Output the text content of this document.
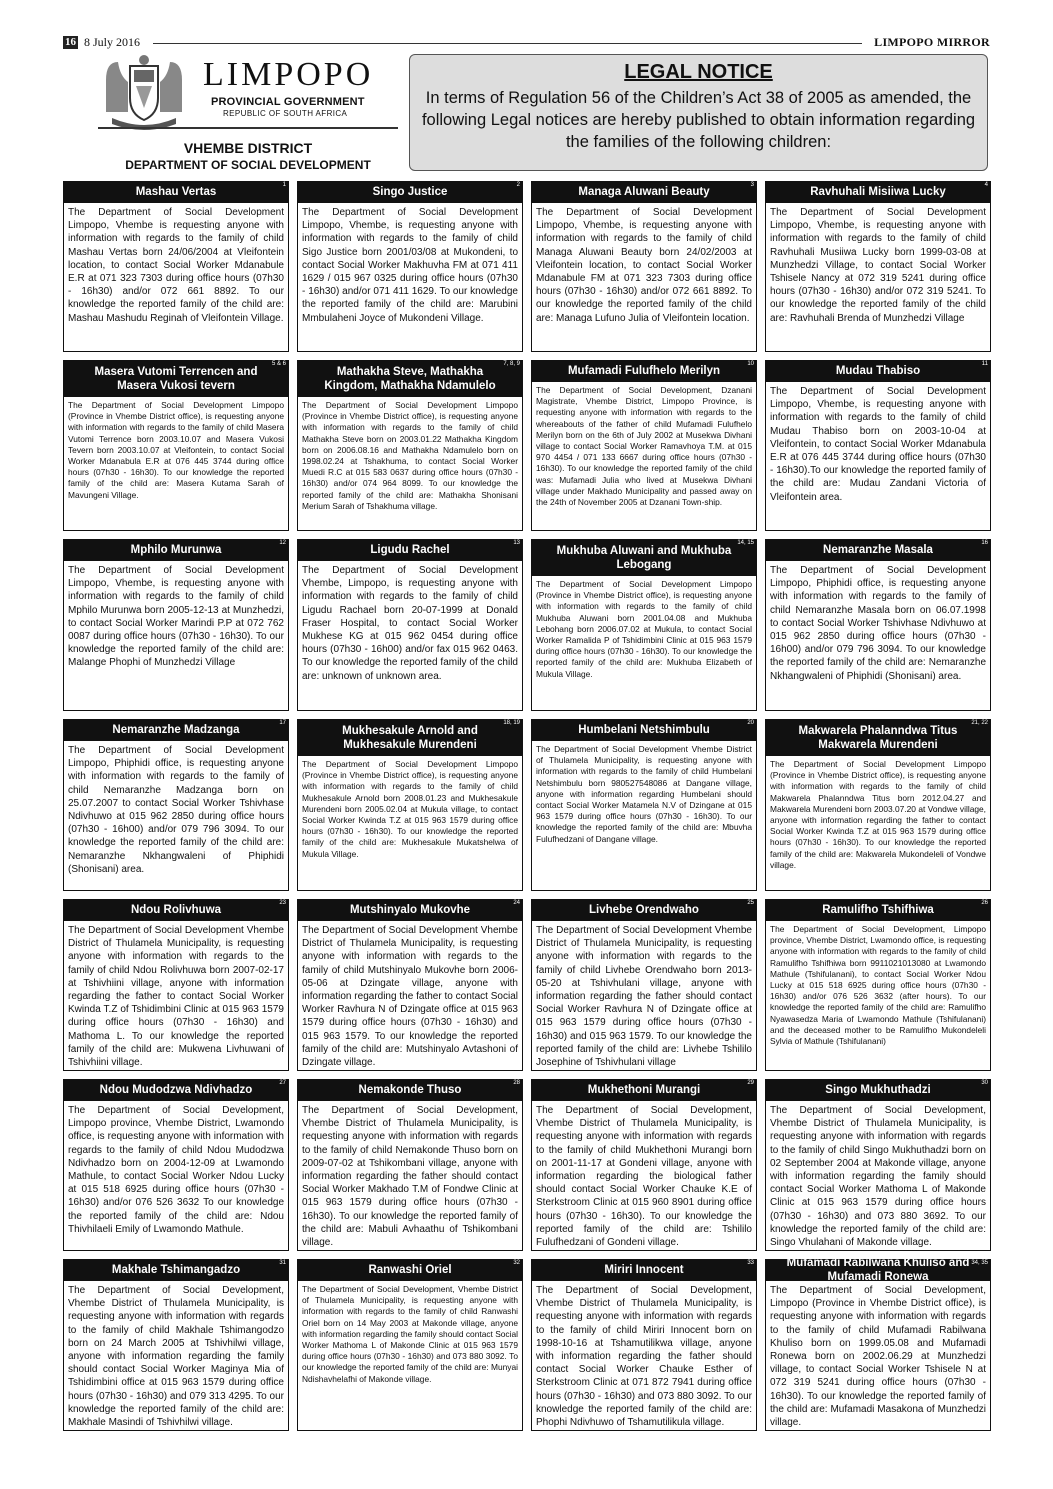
16 8 July 2016	LIMPOPO MIRROR
LIMPOPO
PROVINCIAL GOVERNMENT
REPUBLIC OF SOUTH AFRICA
VHEMBE DISTRICT
DEPARTMENT OF SOCIAL DEVELOPMENT
LEGAL NOTICE
In terms of Regulation 56 of the Children’s Act 38 of 2005 as amended, the following Legal notices are hereby published to obtain information regarding the families of the following children:
Mashau Vertas
1
The Department of Social Development Limpopo, Vhembe is requesting anyone with information with regards to the family of child Mashau Vertas born 24/06/2004 at Vleifontein location, to contact Social Worker Mdanabule E.R at 071 323 7303 during office hours (07h30 - 16h30) and/or 072 661 8892. To our knowledge the reported family of the child are: Mashau Mashudu Reginah of Vleifontein Village.
Singo Justice
2
The Department of Social Development Limpopo, Vhembe, is requesting anyone with information with regards to the family of child Sigo Justice born 2001/03/08 at Mukondeni, to contact Social Worker Makhuvha FM at 071 411 1629 / 015 967 0325 during office hours (07h30 - 16h30) and/or 071 411 1629. To our knowledge the reported family of the child are: Marubini Mmbulaheni Joyce of Mukondeni Village.
Managa Aluwani Beauty
3
The Department of Social Development Limpopo, Vhembe, is requesting anyone with information with regards to the family of child Managa Aluwani Beauty born 24/02/2003 at Vleifontein location, to contact Social Worker Mdanabule FM at 071 323 7303 during office hours (07h30 - 16h30) and/or 072 661 8892. To our knowledge the reported family of the child are: Managa Lufuno Julia of Vleifontein location.
Ravhuhali Misiiwa Lucky
4
The Department of Social Development Limpopo, Vhembe, is requesting anyone with information with regards to the family of child Ravhuhali Musiiwa Lucky born 1999-03-08 at Munzhedzi Village, to contact Social Worker Tshisele Nancy at 072 319 5241 during office hours (07h30 - 16h30) and/or 072 319 5241. To our knowledge the reported family of the child are: Ravhuhali Brenda of Munzhedzi Village
Masera Vutomi Terrencen and Masera Vukosi tevern
5 & 6
The Department of Social Development Limpopo (Province in Vhembe District office), is requesting anyone with information with regards to the family of child Masera Vutomi Terrence born 2003.10.07 and Masera Vukosi Tevern born 2003.10.07 at Vleifontein, to contact Social Worker Mdanabula E.R at 076 445 3744 during office hours (07h30 - 16h30). To our knowledge the reported family of the child are: Masera Kutama Sarah of Mavungeni Village.
Mathakha Steve, Mathakha Kingdom, Mathakha Ndamulelo
7, 8, 9
The Department of Social Development Limpopo (Province in Vhembe District office), is requesting anyone with information with regards to the family of child Mathakha Steve born on 2003.01.22 Mathakha Kingdom born on 2006.08.16 and Mathakha Ndamulelo born on 1998.02.24 at Tshakhuma, to contact Social Worker Muedi R.C at 015 583 0637 during office hours (07h30 - 16h30) and/or 074 964 8099. To our knowledge the reported family of the child are: Mathakha Shonisani Merium Sarah of Tshakhuma village.
Mufamadi Fulufhelo Merilyn
10
The Department of Social Development, Dzanani Magistrate, Vhembe District, Limpopo Province, is requesting anyone with information with regards to the whereabouts of the father of child Mufamadi Fulufhelo Merilyn born on the 6th of July 2002 at Musekwa Divhani village to contact Social Worker Ramavhoya T.M. at 015 970 4454 / 071 133 6667 during office hours (07h30 - 16h30). To our knowledge the reported family of the child was: Mufamadi Julia who lived at Musekwa Divhani village under Makhado Municipality and passed away on the 24th of November 2005 at Dzanani Town-ship.
Mudau Thabiso
11
The Department of Social Development Limpopo, Vhembe, is requesting anyone with information with regards to the family of child Mudau Thabiso born on 2003-10-04 at Vleifontein, to contact Social Worker Mdanabula E.R at 076 445 3744 during office hours (07h30 - 16h30).To our knowledge the reported family of the child are: Mudau Zandani Victoria of Vleifontein area.
Mphilo Murunwa
12
The Department of Social Development Limpopo, Vhembe, is requesting anyone with information with regards to the family of child Mphilo Murunwa born 2005-12-13 at Munzhedzi, to contact Social Worker Marindi P.P at 072 762 0087 during office hours (07h30 - 16h30). To our knowledge the reported family of the child are: Malange Phophi of Munzhedzi Village
Ligudu Rachel
13
The Department of Social Development Vhembe, Limpopo, is requesting anyone with information with regards to the family of child Ligudu Rachael born 20-07-1999 at Donald Fraser Hospital, to contact Social Worker Mukhese KG at 015 962 0454 during office hours (07h30 - 16h00) and/or fax 015 962 0463. To our knowledge the reported family of the child are: unknown of unknown area.
Mukhuba Aluwani and Mukhuba Lebogang
14, 15
The Department of Social Development Limpopo (Province in Vhembe District office), is requesting anyone with information with regards to the family of child Mukhuba Aluwani born 2001.04.08 and Mukhuba Lebohang born 2006.07.02 at Mukula, to contact Social Worker Ramalida P of Tshidimbini Clinic at 015 963 1579 during office hours (07h30 - 16h30). To our knowledge the reported family of the child are: Mukhuba Elizabeth of Mukula Village.
Nemaranzhe Masala
16
The Department of Social Development Limpopo, Phiphidi office, is requesting anyone with information with regards to the family of child Nemaranzhe Masala born on 06.07.1998 to contact Social Worker Tshivhase Ndivhuwo at 015 962 2850 during office hours (07h30 - 16h00) and/or 079 796 3094. To our knowledge the reported family of the child are: Nemaranzhe Nkhangwaleni of Phiphidi (Shonisani) area.
Nemaranzhe Madzanga
17
The Department of Social Development Limpopo, Phiphidi office, is requesting anyone with information with regards to the family of child Nemaranzhe Madzanga born on 25.07.2007 to contact Social Worker Tshivhase Ndivhuwo at 015 962 2850 during office hours (07h30 - 16h00) and/or 079 796 3094. To our knowledge the reported family of the child are: Nemaranzhe Nkhangwaleni of Phiphidi (Shonisani) area.
Mukhesakule Arnold and Mukhesakule Murendeni
18, 19
The Department of Social Development Limpopo (Province in Vhembe District office), is requesting anyone with information with regards to the family of child Mukhesakule Arnold born 2008.01.23 and Mukhesakule Murendeni born 2005.02.04 at Mukula village, to contact Social Worker Kwinda T.Z at 015 963 1579 during office hours (07h30 - 16h30). To our knowledge the reported family of the child are: Mukhesakule Mukatshelwa of Mukula Village.
Humbelani Netshimbulu
20
The Department of Social Development Vhembe District of Thulamela Municipality, is requesting anyone with information with regards to the family of child Humbelani Netshimbulu born 980527548086 at Dangane village, anyone with information regarding Humbelani should contact Social Worker Matamela N.V of Dzingane at 015 963 1579 during office hours (07h30 - 16h30). To our knowledge the reported family of the child are: Mbuvha Fulufhedzani of Dangane village.
Makwarela Phalanndwa Titus Makwarela Murendeni
21, 22
The Department of Social Development Limpopo (Province in Vhembe District office), is requesting anyone with information with regards to the family of child Makwarela Phalanndwa Titus born 2012.04.27 and Makwarela Murendeni born 2003.07.20 at Vondwe village, anyone with information regarding the father to contact Social Worker Kwinda T.Z at 015 963 1579 during office hours (07h30 - 16h30). To our knowledge the reported family of the child are: Makwarela Mukondeleli of Vondwe village.
Ndou Rolivhuwa
23
The Department of Social Development Vhembe District of Thulamela Municipality, is requesting anyone with information with regards to the family of child Ndou Rolivhuwa born 2007-02-17 at Tshivhiini village, anyone with information regarding the father to contact Social Worker Kwinda T.Z of Tshidimbini Clinic at 015 963 1579 during office hours (07h30 - 16h30) and Mathoma L. To our knowledge the reported family of the child are: Mukwena Livhuwani of Tshivhiini village.
Mutshinyalo Mukovhe
24
The Department of Social Development Vhembe District of Thulamela Municipality, is requesting anyone with information with regards to the family of child Mutshinyalo Mukovhe born 2006-05-06 at Dzingate village, anyone with information regarding the father to contact Social Worker Ravhura N of Dzingate office at 015 963 1579 during office hours (07h30 - 16h30) and 015 963 1579. To our knowledge the reported family of the child are: Mutshinyalo Avtashoni of Dzingate village.
Livhebe Orendwaho
25
The Department of Social Development Vhembe District of Thulamela Municipality, is requesting anyone with information with regards to the family of child Livhebe Orendwaho born 2013-05-20 at Tshivhulani village, anyone with information regarding the father should contact Social Worker Ravhura N of Dzingate office at 015 963 1579 during office hours (07h30 - 16h30) and 015 963 1579. To our knowledge the reported family of the child are: Livhebe Tshililo Josephine of Tshivhulani village
Ramulifho Tshifhiwa
26
The Department of Social Development, Limpopo province, Vhembe District, Lwamondo office, is requesting anyone with information with regards to the family of child Ramulifho Tshifhiwa born 9911021013080 at Lwamondo Mathule (Tshifulanani), to contact Social Worker Ndou Lucky at 015 518 6925 during office hours (07h30 - 16h30) and/or 076 526 3632 (after hours). To our knowledge the reported family of the child are: Ramulifho Nyawasedza Maria of Lwamondo Mathule (Tshifulanani) and the deceased mother to be Ramulifho Mukondeleli Sylvia of Mathule (Tshifulanani)
Ndou Mudodzwa Ndivhadzo
27
The Department of Social Development, Limpopo province, Vhembe District, Lwamondo office, is requesting anyone with information with regards to the family of child Ndou Mudodzwa Ndivhadzo born on 2004-12-09 at Lwamondo Mathule, to contact Social Worker Ndou Lucky at 015 518 6925 during office hours (07h30 - 16h30) and/or 076 526 3632 To our knowledge the reported family of the child are: Ndou Thivhilaeli Emily of Lwamondo Mathule.
Nemakonde Thuso
28
The Department of Social Development, Vhembe District of Thulamela Municipality, is requesting anyone with information with regards to the family of child Nemakonde Thuso born on 2009-07-02 at Tshikombani village, anyone with information regarding the father should contact Social Worker Makhado T.M of Fondwe Clinic at 015 963 1579 during office hours (07h30 - 16h30). To our knowledge the reported family of the child are: Mabuli Avhaathu of Tshikombani village.
Mukhethoni Murangi
29
The Department of Social Development, Vhembe District of Thulamela Municipality, is requesting anyone with information with regards to the family of child Mukhethoni Murangi born on 2001-11-17 at Gondeni village, anyone with information regarding the biological father should contact Social Worker Chauke K.E of Sterkstroom Clinic at 015 960 8901 during office hours (07h30 - 16h30). To our knowledge the reported family of the child are: Tshililo Fulufhedzani of Gondeni village.
Singo Mukhuthadzi
30
The Department of Social Development, Vhembe District of Thulamela Municipality, is requesting anyone with information with regards to the family of child Singo Mukhuthadzi born on 02 September 2004 at Makonde village, anyone with information regarding the family should contact Social Worker Mathoma L of Makonde Clinic at 015 963 1579 during office hours (07h30 - 16h30) and 073 880 3692. To our knowledge the reported family of the child are: Singo Vhulahani of Makonde village.
Makhale Tshimangadzo
31
The Department of Social Development, Vhembe District of Thulamela Municipality, is requesting anyone with information with regards to the family of child Makhale Tshimangodzo born on 24 March 2005 at Tshivhilwi village, anyone with information regarding the family should contact Social Worker Maginya Mia of Tshidimbini office at 015 963 1579 during office hours (07h30 - 16h30) and 079 313 4295. To our knowledge the reported family of the child are: Makhale Masindi of Tshivhilwi village.
Ranwashi Oriel
32
The Department of Social Development, Vhembe District of Thulamela Municipality, is requesting anyone with information with regards to the family of child Ranwashi Oriel born on 14 May 2003 at Makonde village, anyone with information regarding the family should contact Social Worker Mathoma L of Makonde Clinic at 015 963 1579 during office hours (07h30 - 16h30) and 073 880 3092. To our knowledge the reported family of the child are: Munyai Ndishavhelafhi of Makonde village.
Miriri Innocent
33
The Department of Social Development, Vhembe District of Thulamela Municipality, is requesting anyone with information with regards to the family of child Miriri Innocent born on 1998-10-16 at Tshamutilikwa village, anyone with information regarding the father should contact Social Worker Chauke Esther of Sterkstroom Clinic at 071 872 7941 during office hours (07h30 - 16h30) and 073 880 3092. To our knowledge the reported family of the child are: Phophi Ndivhuwo of Tshamutilikula village.
Mufamadi Rabilwana Khuliso and Mufamadi Ronewa
34, 35
The Department of Social Development, Limpopo (Province in Vhembe District office), is requesting anyone with information with regards to the family of child Mufamadi Rabilwana Khuliso born on 1999.05.08 and Mufamadi Ronewa born on 2002.06.29 at Munzhedzi village, to contact Social Worker Tshisele N at 072 319 5241 during office hours (07h30 - 16h30). To our knowledge the reported family of the child are: Mufamadi Masakona of Munzhedzi village.
